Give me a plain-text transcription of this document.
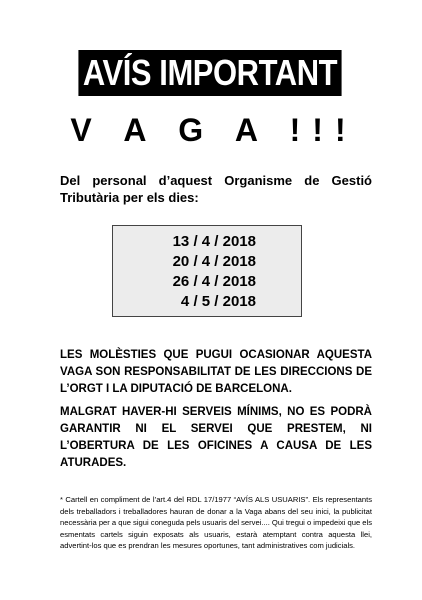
AVÍS IMPORTANT
V A G A !!!
Del personal d’aquest Organisme de Gestió Tributària per els dies:
13 / 4 / 2018
20 / 4 / 2018
26 / 4 / 2018
4 / 5 / 2018
LES MOLÈSTIES QUE PUGUI OCASIONAR AQUESTA VAGA SON RESPONSABILITAT DE LES DIRECCIONS DE L’ORGT I LA DIPUTACIÓ DE BARCELONA.
MALGRAT HAVER-HI SERVEIS MÍNIMS, NO ES PODRÀ GARANTIR NI EL SERVEI QUE PRESTEM, NI L’OBERTURA DE LES OFICINES A CAUSA DE LES ATURADES.
* Cartell en compliment de l’art.4 del RDL 17/1977 “AVÍS ALS USUARIS”. Els representants dels treballadors i treballadores hauran de donar a la Vaga abans del seu inici, la publicitat necessària per a que sigui coneguda pels usuaris del servei.... Qui tregui o impedeixi que els esmentats cartels siguin exposats als usuaris, estarà atemptant contra aquesta llei, advertint-los que es prendran les mesures oportunes, tant administratives com judicials.
